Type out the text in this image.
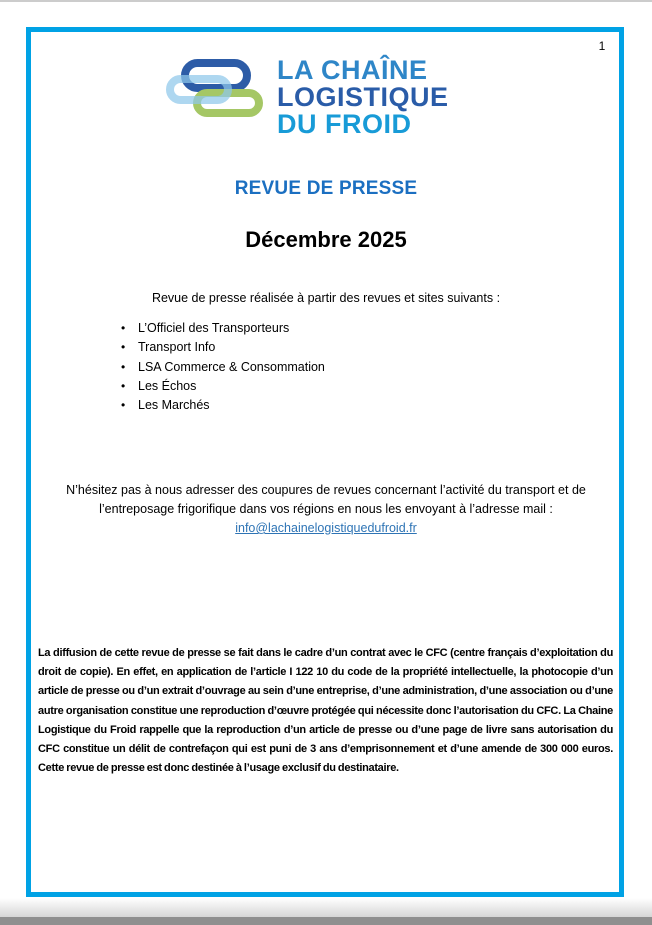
1
LA CHAÎNE
LOGISTIQUE
DU FROID
REVUE DE PRESSE
Décembre 2025
Revue de presse réalisée à partir des revues et sites suivants :
• L’Officiel des Transporteurs
• Transport Info
• LSA Commerce & Consommation
• Les Échos
• Les Marchés
N’hésitez pas à nous adresser des coupures de revues concernant l’activité du transport et de
l’entreposage frigorifique dans vos régions en nous les envoyant à l’adresse mail :
info@lachainelogistiquedufroid.fr

La diffusion de cette revue de presse se fait dans le cadre d’un contrat avec le CFC (centre français d’exploitation du droit de copie). En effet, en application de l’article I 122 10 du code de la propriété intellectuelle, la photocopie d’un article de presse ou d’un extrait d’ouvrage au sein d’une entreprise, d’une administration, d’une association ou d’une autre organisation constitue une reproduction d’œuvre protégée qui nécessite donc l’autorisation du CFC. La Chaine Logistique du Froid rappelle que la reproduction d’un article de presse ou d’une page de livre sans autorisation du CFC constitue un délit de contrefaçon qui est puni de 3 ans d’emprisonnement et d’une amende de 300 000 euros. Cette revue de presse est donc destinée à l’usage exclusif du destinataire.
